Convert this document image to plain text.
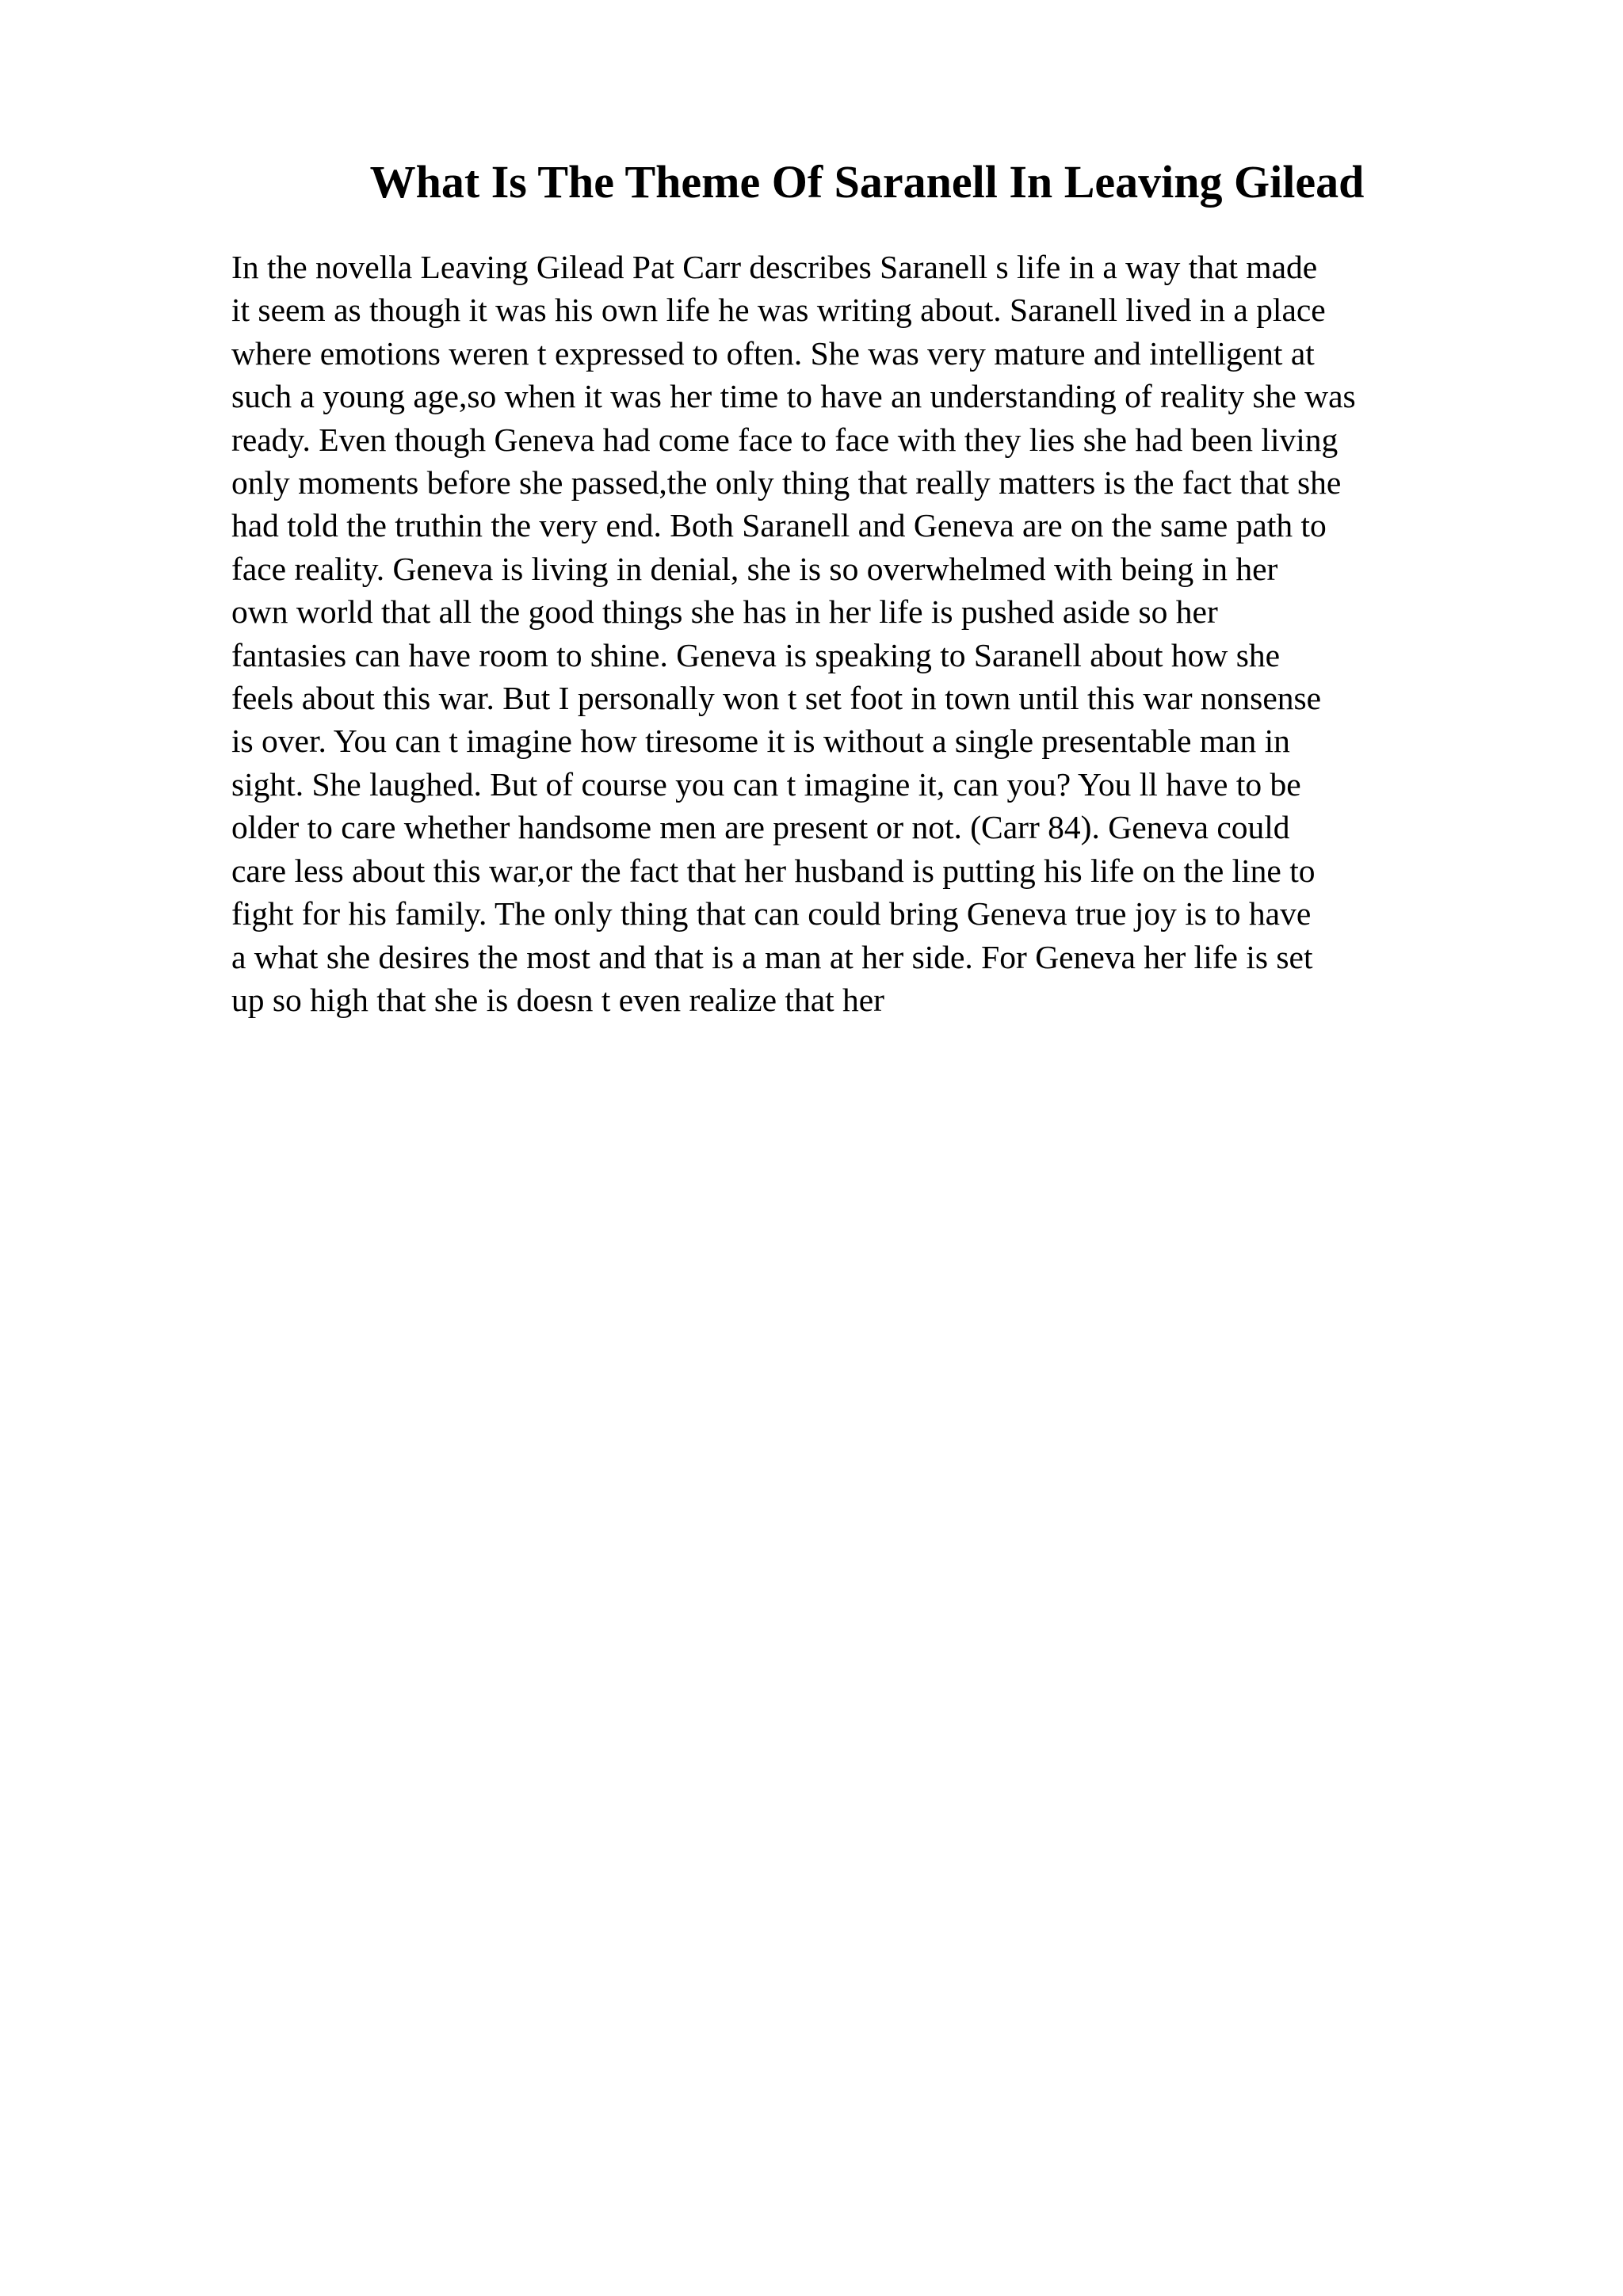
What Is The Theme Of Saranell In Leaving Gilead
In the novella Leaving Gilead Pat Carr describes Saranell s life in a way that made
it seem as though it was his own life he was writing about. Saranell lived in a place
where emotions weren t expressed to often. She was very mature and intelligent at
such a young age,so when it was her time to have an understanding of reality she was
ready. Even though Geneva had come face to face with they lies she had been living
only moments before she passed,the only thing that really matters is the fact that she
had told the truthin the very end. Both Saranell and Geneva are on the same path to
face reality. Geneva is living in denial, she is so overwhelmed with being in her
own world that all the good things she has in her life is pushed aside so her
fantasies can have room to shine. Geneva is speaking to Saranell about how she
feels about this war. But I personally won t set foot in town until this war nonsense
is over. You can t imagine how tiresome it is without a single presentable man in
sight. She laughed. But of course you can t imagine it, can you? You ll have to be
older to care whether handsome men are present or not. (Carr 84). Geneva could
care less about this war,or the fact that her husband is putting his life on the line to
fight for his family. The only thing that can could bring Geneva true joy is to have
a what she desires the most and that is a man at her side. For Geneva her life is set
up so high that she is doesn t even realize that her
